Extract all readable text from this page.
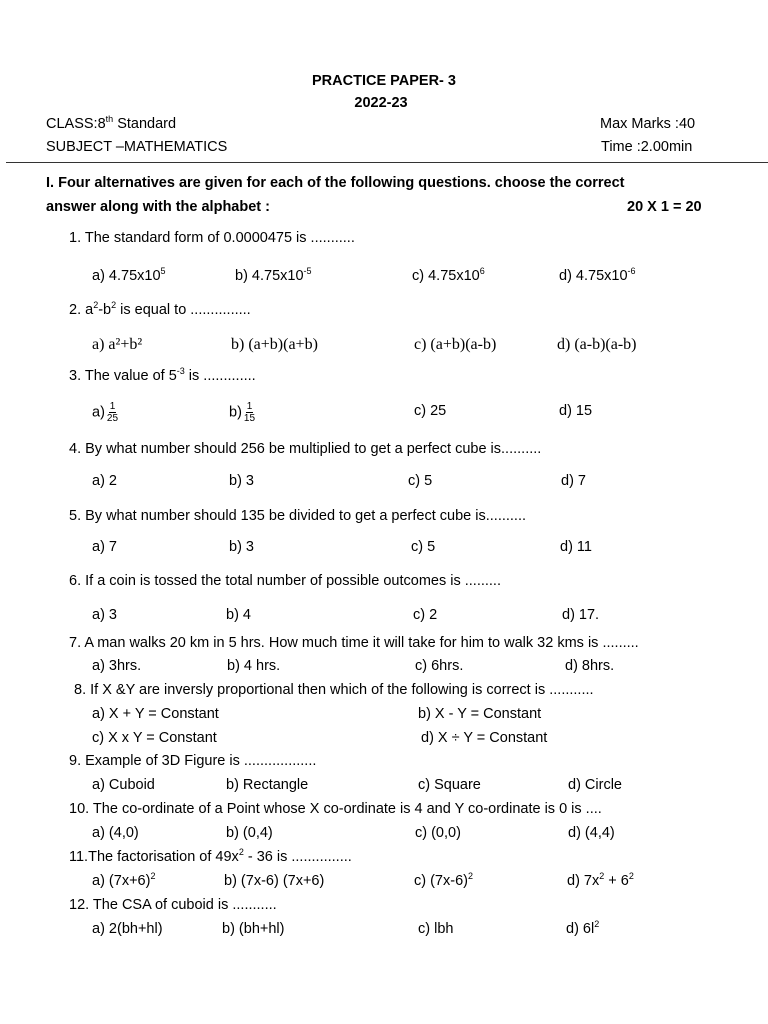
PRACTICE PAPER- 3
2022-23
CLASS:8th Standard	Max Marks :40
SUBJECT –MATHEMATICS	Time :2.00min
I. Four alternatives are given for each of the following questions. choose the correct
answer along with the alphabet :	20 X 1 = 20
1. The standard form of 0.0000475 is ...........
a) $4.75x10^5$	b) $4.75x10^{-5}$	c) $4.75x10^6$	d) $4.75x10^{-6}$
2. $a^2-b^2$ is equal to ...............
a) a²+b²	b) (a+b)(a+b)	c) (a+b)(a-b)	d) (a-b)(a-b)
3. The value of $5^{-3}$ is .............
$a) \frac{1}{25}$	$b) \frac{1}{15}$	c) 25	d) 15
4. By what number should 256 be multiplied to get a perfect cube is..........
a) 2	b) 3	c) 5	d) 7
5. By what number should 135 be divided to get a perfect cube is..........
a) 7	b) 3	c) 5	d) 11
6. If a coin is tossed the total number of possible outcomes is .........
a) 3	b) 4	c) 2	d) 17.
7. A man walks 20 km in 5 hrs. How much time it will take for him to walk 32 kms is .........
a) 3hrs.	b) 4 hrs.	c) 6hrs.	d) 8hrs.
8. If X &Y are inversly proportional then which of the following is correct is ...........
a) X + Y = Constant	b) X - Y = Constant
c) X x Y = Constant	d) X ÷ Y = Constant
9. Example of 3D Figure is ..................
a) Cuboid	b) Rectangle	c) Square	d) Circle
10. The co-ordinate of a Point whose X co-ordinate is 4 and Y co-ordinate is 0 is ....
a) (4,0)	b) (0,4)	c) (0,0)	d) (4,4)
11.The factorisation of $49x^2 - 36$ is ...............
a) $(7x+6)^2$	b) (7x-6) (7x+6)	c) $(7x-6)^2$	d) $7x^2 + 6^2$
12. The CSA of cuboid is ...........
a) 2(bh+hl)	b) (bh+hl)	c) lbh	d) $6l^2$
